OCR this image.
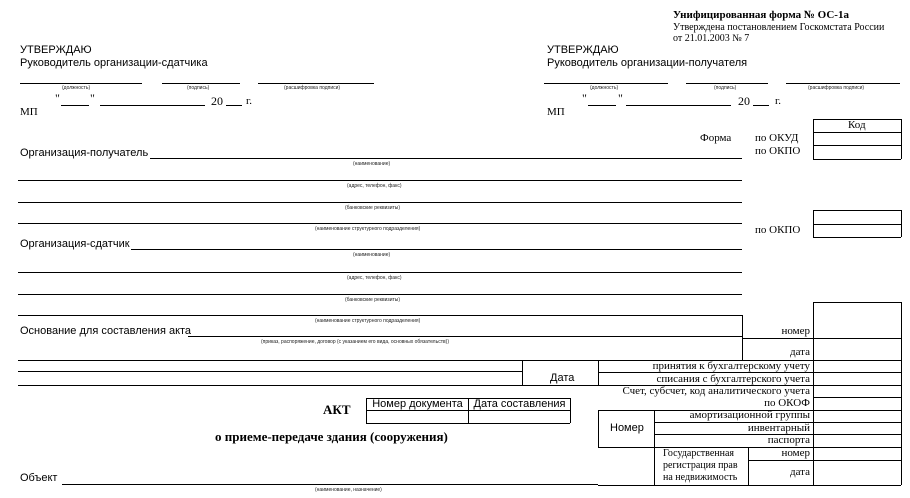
Унифицированная форма № ОС-1а
Утверждена постановлением Госкомстата России
от 21.01.2003 № 7
УТВЕРЖДАЮ
Руководитель организации-сдатчика
(должность)	(подпись)	(расшифровка подписи)
"	"	20 г.
МП
УТВЕРЖДАЮ
Руководитель организации-получателя
(должность)	(подпись)	(расшифровка подписи)
"	"	20 г.
МП
Код
Форма по ОКУД
по ОКПО
Организация-получатель
(наименование)
(адрес, телефон, факс)
(банковские реквизиты)
(наименование структурного подразделения)	по ОКПО
Организация-сдатчик
(наименование)
(адрес, телефон, факс)
(банковские реквизиты)
(наименование структурного подразделения)
Основание для составления акта
(приказ, распоряжение, договор (с указанием его вида, основных обязательств))
номер
дата
Дата
принятия к бухгалтерскому учету
списания с бухгалтерского учета
Счет, субсчет, код аналитического учета
по ОКОФ
АКТ	Номер документа Дата составления
о приеме-передаче здания (сооружения)
Номер
амортизационной группы
инвентарный
паспорта
Государственная
регистрация прав
на недвижимость
номер
дата
Объект
(наименование, назначение)
